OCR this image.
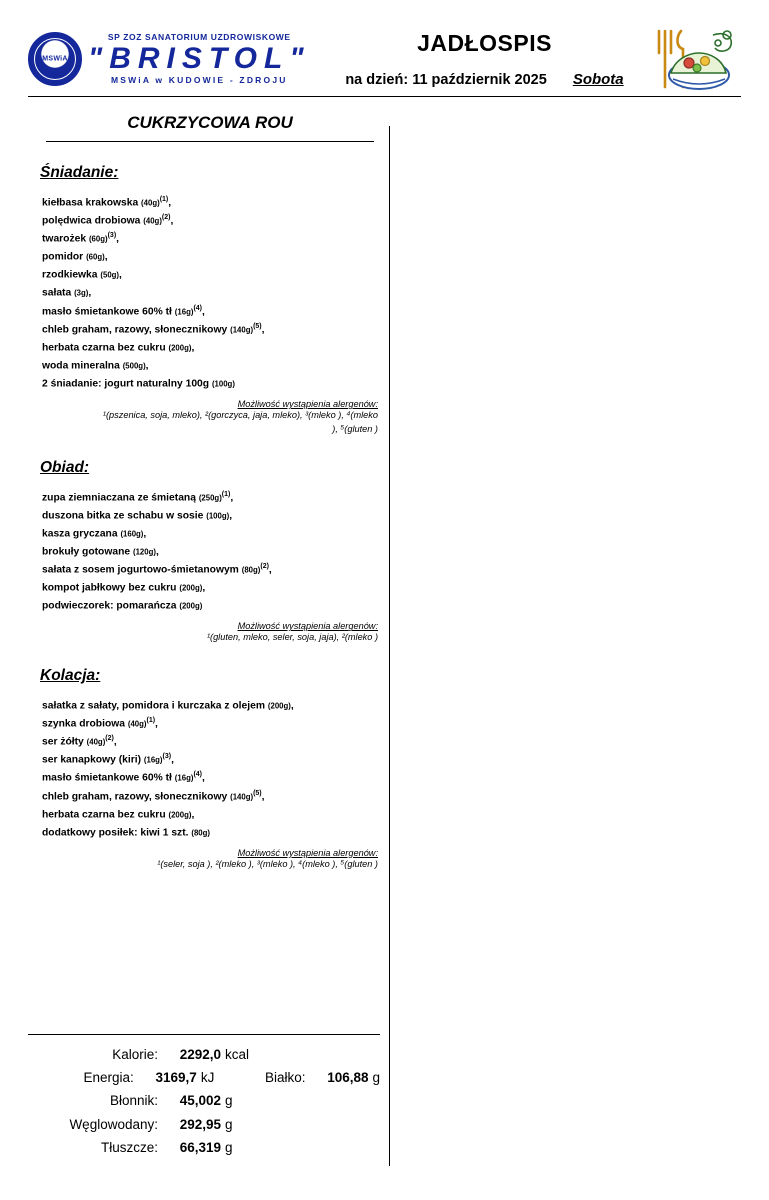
MSWiA
SP ZOZ SANATORIUM UZDROWISKOWE
"BRISTOL"
MSWiA w KUDOWIE - ZDROJU
JADŁOSPIS
na dzień: 11 październik 2025 Sobota
CUKRZYCOWA ROU
Śniadanie:
kiełbasa krakowska $(40g)^{(1)}$,
polędwica drobiowa $(40g)^{(2)}$,
twarożek $(60g)^{(3)}$,
pomidor (60g),
rzodkiewka (50g),
sałata (3g),
masło śmietankowe 60% tł $(16g)^{(4)}$,
chleb graham, razowy, słonecznikowy $(140g)^{(5)}$,
herbata czarna bez cukru (200g),
woda mineralna (500g),
2 śniadanie: jogurt naturalny 100g (100g)
Możliwość wystąpienia alergenów:
¹(pszenica, soja, mleko), ²(gorczyca, jaja, mleko), ³(mleko ), ⁴(mleko
), ⁵(gluten )
Obiad:
zupa ziemniaczana ze śmietaną $(250g)^{(1)}$,
duszona bitka ze schabu w sosie (100g),
kasza gryczana (160g),
brokuły gotowane (120g),
sałata z sosem jogurtowo-śmietanowym $(80g)^{(2)}$,
kompot jabłkowy bez cukru (200g),
podwieczorek: pomarańcza (200g)
Możliwość wystąpienia alergenów:
¹(gluten, mleko, seler, soja, jaja), ²(mleko )
Kolacja:
sałatka z sałaty, pomidora i kurczaka z olejem (200g),
szynka drobiowa $(40g)^{(1)}$,
ser żółty $(40g)^{(2)}$,
ser kanapkowy (kiri) $(16g)^{(3)}$,
masło śmietankowe 60% tł $(16g)^{(4)}$,
chleb graham, razowy, słonecznikowy $(140g)^{(5)}$,
herbata czarna bez cukru (200g),
dodatkowy posiłek: kiwi 1 szt. (80g)
Możliwość wystąpienia alergenów:
¹(seler, soja ), ²(mleko ), ³(mleko ), ⁴(mleko ), ⁵(gluten )
Kalorie:	2292,0 kcal
Energia:	3169,7 kJ	Białko:	106,88 g
Błonnik:	45,002 g
Węglowodany:	292,95 g
Tłuszcze:	66,319 g
